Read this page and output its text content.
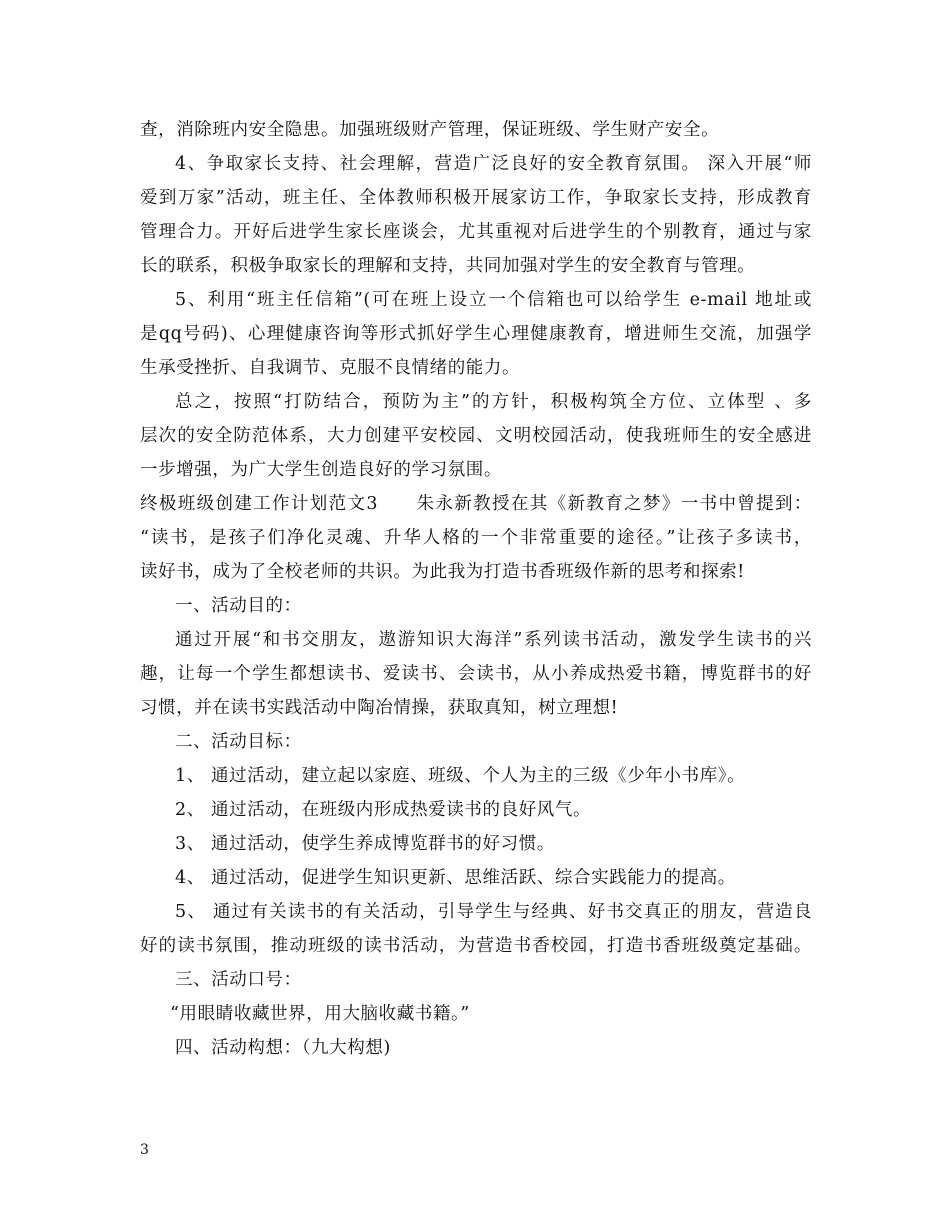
查，消除班内安全隐患。加强班级财产管理，保证班级、学生财产安全。
4、争取家长支持、社会理解，营造广泛良好的安全教育氛围。 深入开展“师
爱到万家”活动，班主任、全体教师积极开展家访工作，争取家长支持，形成教育
管理合力。开好后进学生家长座谈会，尤其重视对后进学生的个别教育，通过与家
长的联系，积极争取家长的理解和支持，共同加强对学生的安全教育与管理。
5、利用“班主任信箱”(可在班上设立一个信箱也可以给学生 e-mail 地址或
是qq号码)、心理健康咨询等形式抓好学生心理健康教育，增进师生交流，加强学
生承受挫折、自我调节、克服不良情绪的能力。
总之，按照“打防结合，预防为主”的方针，积极构筑全方位、立体型 、多
层次的安全防范体系，大力创建平安校园、文明校园活动，使我班师生的安全感进
一步增强，为广大学生创造良好的学习氛围。
终极班级创建工作计划范文3　　朱永新教授在其《新教育之梦》一书中曾提到：
“读书，是孩子们净化灵魂、升华人格的一个非常重要的途径。”让孩子多读书，
读好书，成为了全校老师的共识。为此我为打造书香班级作新的思考和探索!
一、活动目的：
通过开展“和书交朋友，遨游知识大海洋”系列读书活动，激发学生读书的兴
趣，让每一个学生都想读书、爱读书、会读书，从小养成热爱书籍，博览群书的好
习惯，并在读书实践活动中陶冶情操，获取真知，树立理想!
二、活动目标：
1、 通过活动，建立起以家庭、班级、个人为主的三级《少年小书库》。
2、 通过活动，在班级内形成热爱读书的良好风气。
3、 通过活动，使学生养成博览群书的好习惯。
4、 通过活动，促进学生知识更新、思维活跃、综合实践能力的提高。
5、 通过有关读书的有关活动，引导学生与经典、好书交真正的朋友，营造良
好的读书氛围，推动班级的读书活动，为营造书香校园，打造书香班级奠定基础。
三、活动口号：
“用眼睛收藏世界，用大脑收藏书籍。”
四、活动构想：（九大构想)
3
